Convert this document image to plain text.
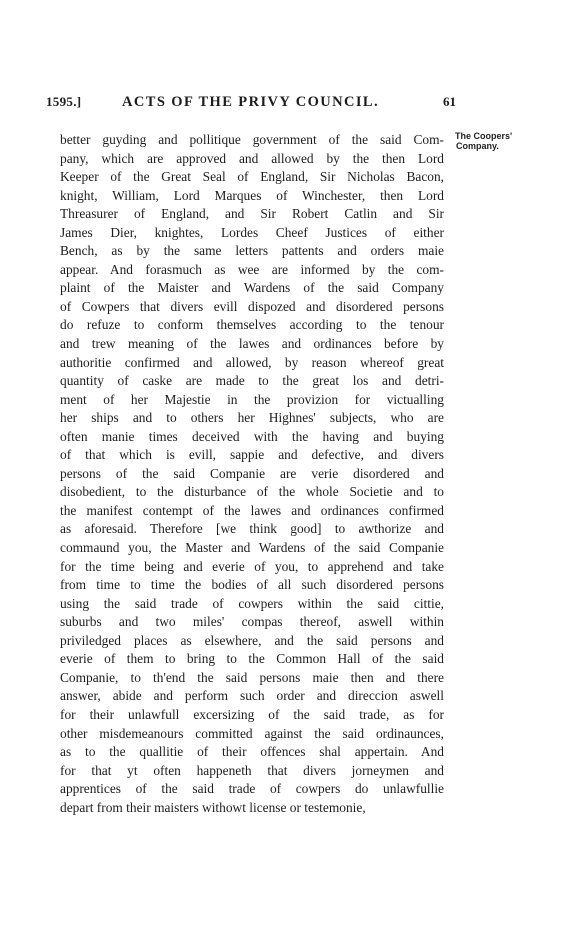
1595.]	ACTS OF THE PRIVY COUNCIL.	61
The Coopers'
Company.
better guyding and pollitique government of the said Com-
pany, which are approved and allowed by the then Lord
Keeper of the Great Seal of England, Sir Nicholas Bacon,
knight, William, Lord Marques of Winchester, then Lord
Threasurer of England, and Sir Robert Catlin and Sir
James Dier, knightes, Lordes Cheef Justices of either
Bench, as by the same letters pattents and orders maie
appear. And forasmuch as wee are informed by the com-
plaint of the Maister and Wardens of the said Company
of Cowpers that divers evill dispozed and disordered persons
do refuze to conform themselves according to the tenour
and trew meaning of the lawes and ordinances before by
authoritie confirmed and allowed, by reason whereof great
quantity of caske are made to the great los and detri-
ment of her Majestie in the provizion for victualling
her ships and to others her Highnes' subjects, who are
often manie times deceived with the having and buying
of that which is evill, sappie and defective, and divers
persons of the said Companie are verie disordered and
disobedient, to the disturbance of the whole Societie and to
the manifest contempt of the lawes and ordinances confirmed
as aforesaid. Therefore [we think good] to awthorize and
commaund you, the Master and Wardens of the said Companie
for the time being and everie of you, to apprehend and take
from time to time the bodies of all such disordered persons
using the said trade of cowpers within the said cittie,
suburbs and two miles' compas thereof, aswell within
priviledged places as elsewhere, and the said persons and
everie of them to bring to the Common Hall of the said
Companie, to th'end the said persons maie then and there
answer, abide and perform such order and direccion aswell
for their unlawfull excersizing of the said trade, as for
other misdemeanours committed against the said ordinaunces,
as to the quallitie of their offences shal appertain. And
for that yt often happeneth that divers jorneymen and
apprentices of the said trade of cowpers do unlawfullie
depart from their maisters withowt license or testemonie,
